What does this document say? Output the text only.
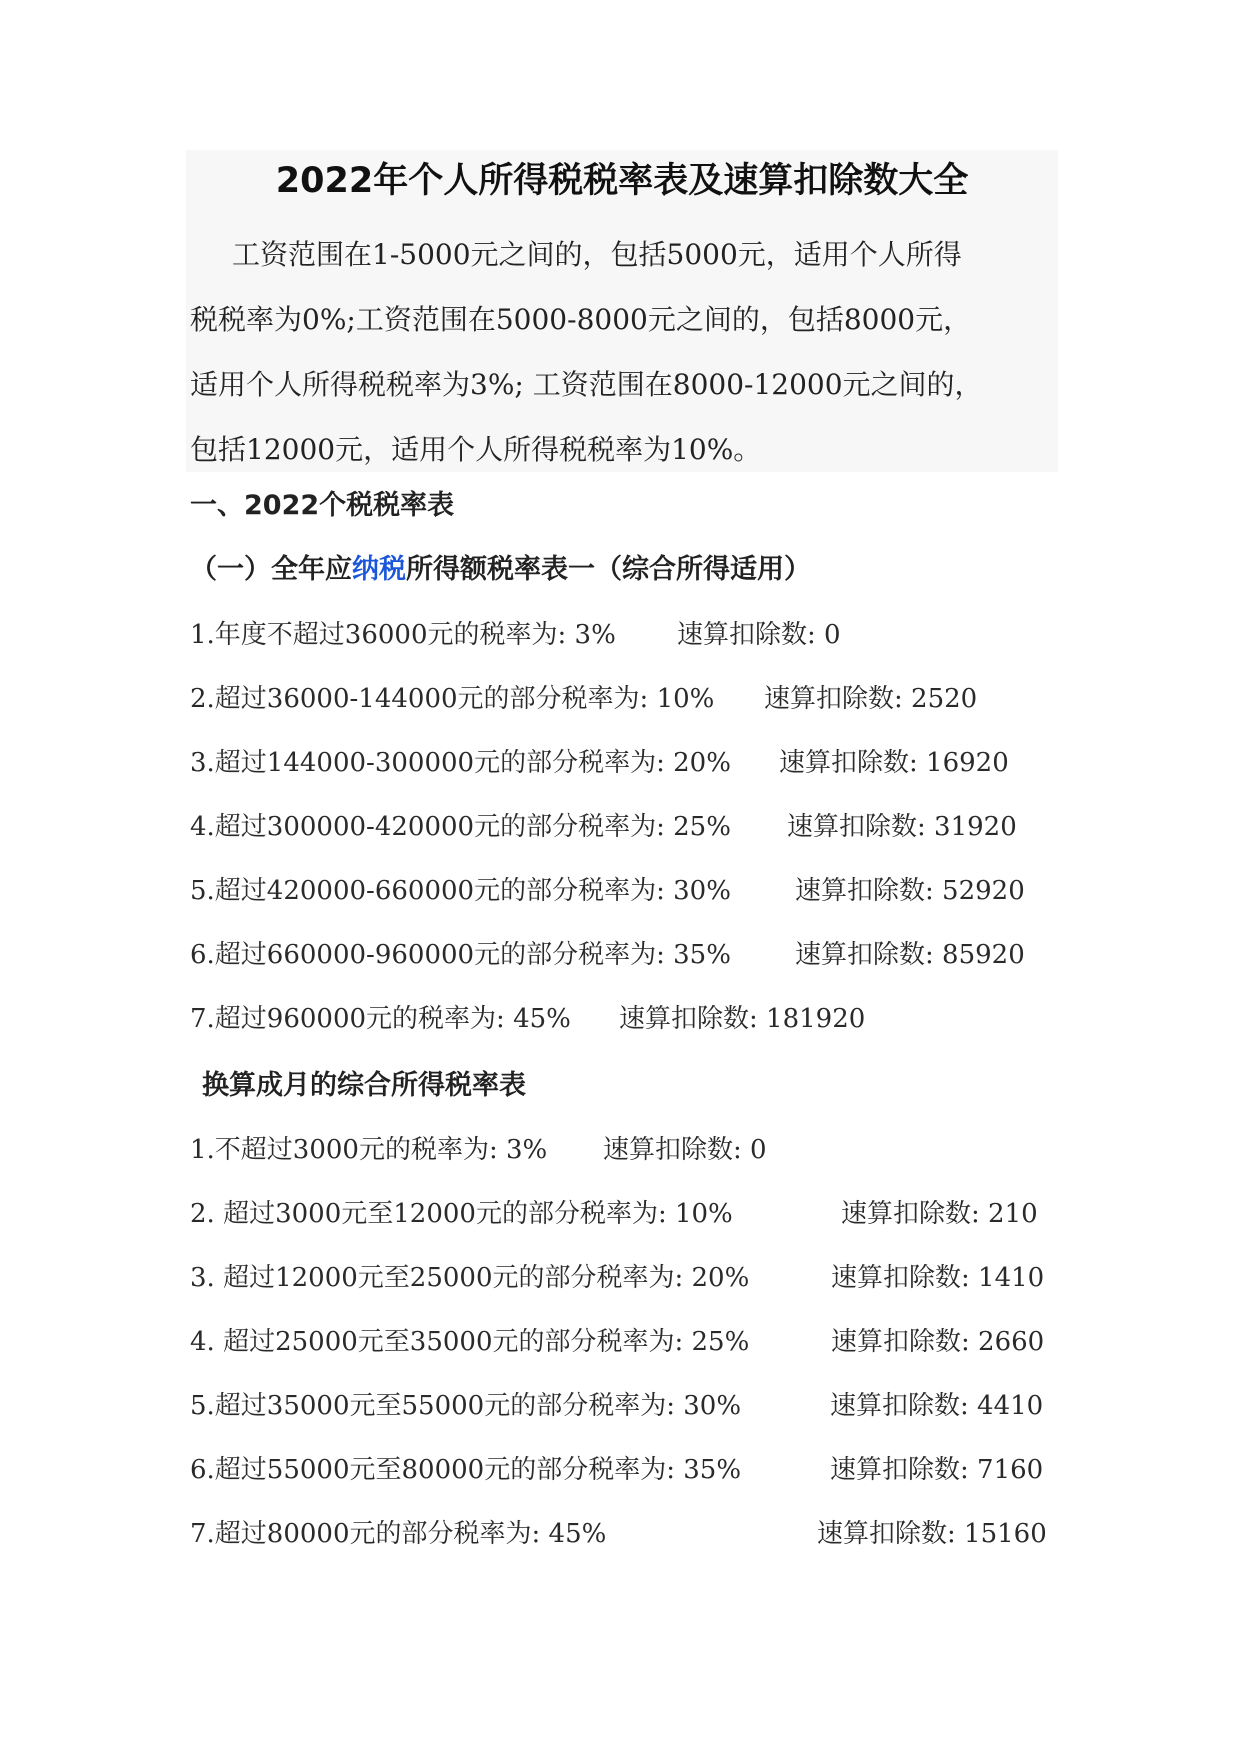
2022年个人所得税税率表及速算扣除数大全
工资范围在1-5000元之间的，包括5000元，适用个人所得
税税率为0%;工资范围在5000-8000元之间的，包括8000元，
适用个人所得税税率为3%; 工资范围在8000-12000元之间的，
包括12000元，适用个人所得税税率为10%。
一、2022个税税率表
（一）全年应纳税所得额税率表一（综合所得适用）
1.年度不超过36000元的税率为: 3% 速算扣除数: 0
2.超过36000-144000元的部分税率为: 10% 速算扣除数: 2520
3.超过144000-300000元的部分税率为: 20% 速算扣除数: 16920
4.超过300000-420000元的部分税率为: 25% 速算扣除数: 31920
5.超过420000-660000元的部分税率为: 30% 速算扣除数: 52920
6.超过660000-960000元的部分税率为: 35% 速算扣除数: 85920
7.超过960000元的税率为: 45% 速算扣除数: 181920
换算成月的综合所得税率表
1.不超过3000元的税率为: 3% 速算扣除数: 0
2. 超过3000元至12000元的部分税率为: 10%	速算扣除数: 210
3. 超过12000元至25000元的部分税率为: 20%	速算扣除数: 1410
4. 超过25000元至35000元的部分税率为: 25%	速算扣除数: 2660
5.超过35000元至55000元的部分税率为: 30%	速算扣除数: 4410
6.超过55000元至80000元的部分税率为: 35%	速算扣除数: 7160
7.超过80000元的部分税率为: 45%	速算扣除数: 15160
